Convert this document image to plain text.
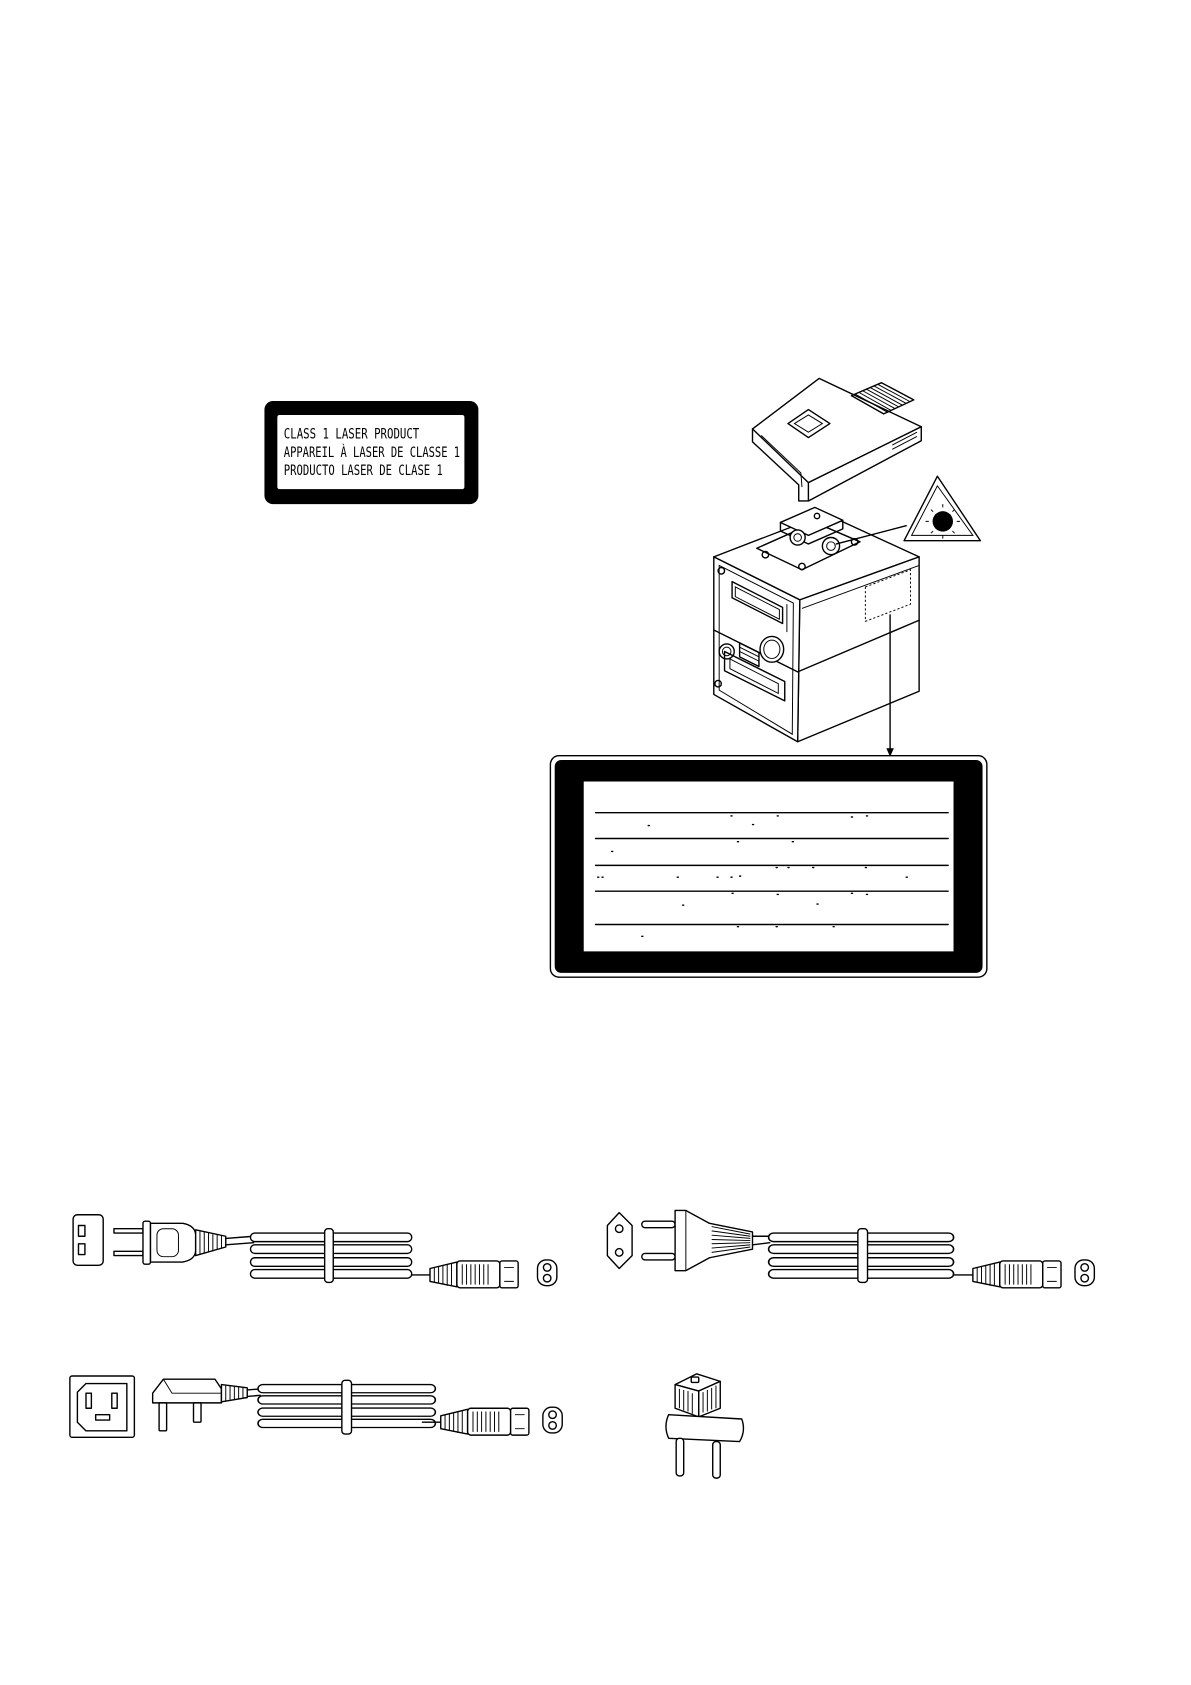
CLASS 1 LASER PRODUCT
APPAREIL À LASER DE CLASSE 1
PRODUCTO LASER DE CLASE 1
